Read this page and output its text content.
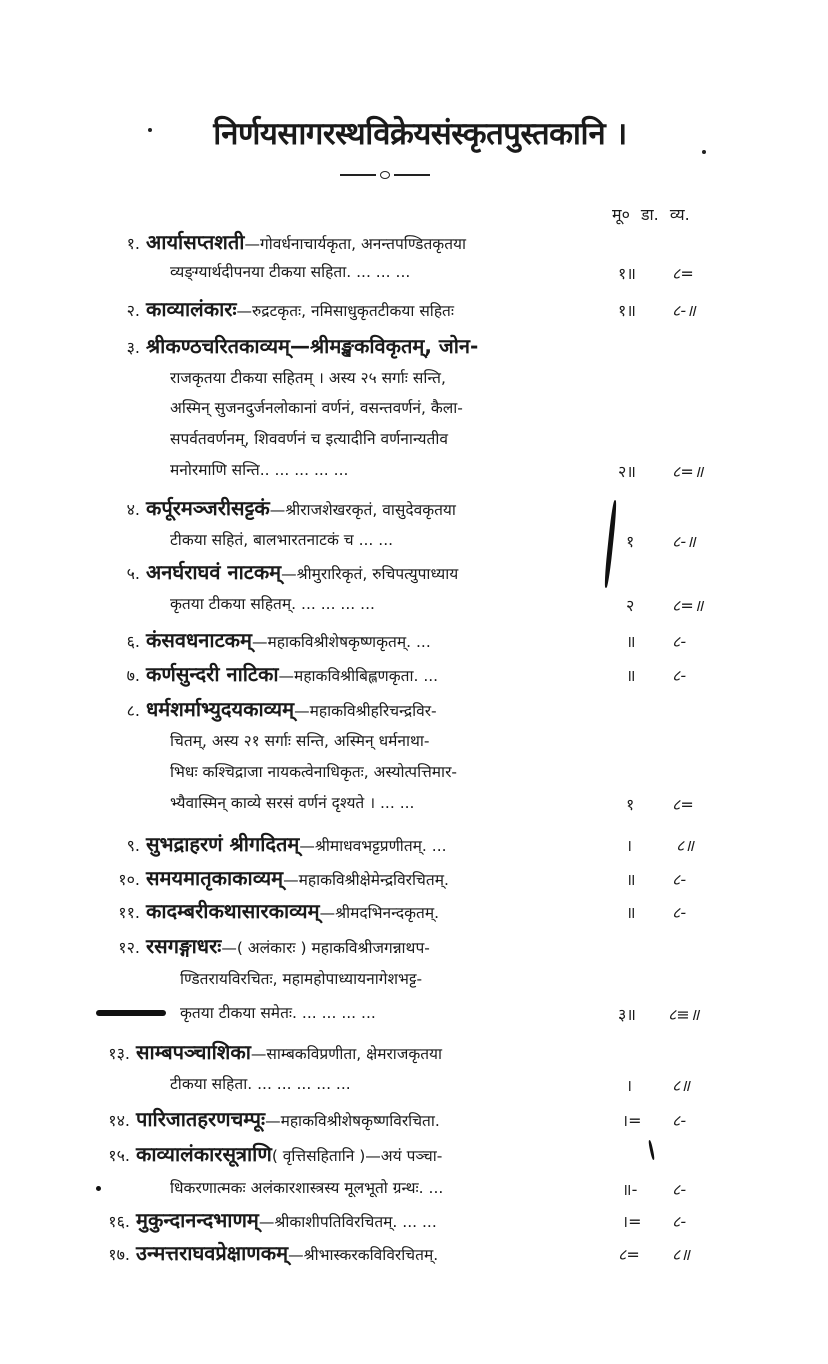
निर्णयसागरस्थविक्रेयसंस्कृतपुस्तकानि ।
मू० डा. व्य.
१. आर्यासप्तशती—गोवर्धनाचार्यकृता, अनन्तपण्डितकृतया
व्यङ्ग्यार्थदीपनया टीकया सहिता. ... ... ...	१॥ ८=
२. काव्यालंकारः—रुद्रटकृतः, नमिसाधुकृतटीकया सहितः	१॥ ८-॥
३. श्रीकण्ठचरितकाव्यम्—श्रीमङ्खकविकृतम्, जोन-
राजकृतया टीकया सहितम् । अस्य २५ सर्गाः सन्ति,
अस्मिन् सुजनदुर्जनलोकानां वर्णनं, वसन्तवर्णनं, कैला-
सपर्वतवर्णनम्, शिववर्णनं च इत्यादीनि वर्णनान्यतीव
मनोरमाणि सन्ति.. ... ... ... ...	२॥ ८=॥
४. कर्पूरमञ्जरीसट्टकं—श्रीराजशेखरकृतं, वासुदेवकृतया
टीकया सहितं, बालभारतनाटकं च ... ...	१ ८-॥
५. अनर्घराघवं नाटकम्—श्रीमुरारिकृतं, रुचिपत्युपाध्याय
कृतया टीकया सहितम्. ... ... ... ...	२ ८=॥
६. कंसवधनाटकम्—महाकविश्रीशेषकृष्णकृतम्. ...	॥ ८-
७. कर्णसुन्दरी नाटिका—महाकविश्रीबिह्लणकृता. ...	॥ ८-
८. धर्मशर्माभ्युदयकाव्यम्—महाकविश्रीहरिचन्द्रविर-
चितम्, अस्य २१ सर्गाः सन्ति, अस्मिन् धर्मनाथा-
भिधः कश्चिद्राजा नायकत्वेनाधिकृतः, अस्योत्पत्तिमार-
भ्यैवास्मिन् काव्ये सरसं वर्णनं दृश्यते । ... ...	१ ८=
९. सुभद्राहरणं श्रीगदितम्—श्रीमाधवभट्टप्रणीतम्. ...	।	८॥
१०. समयमातृकाकाव्यम्—महाकविश्रीक्षेमेन्द्रविरचितम्.	॥ ८-
११. कादम्बरीकथासारकाव्यम्—श्रीमदभिनन्दकृतम्.	॥ ८-
१२. रसगङ्गाधरः—( अलंकारः ) महाकविश्रीजगन्नाथप-
ण्डितरायविरचितः, महामहोपाध्यायनागेशभट्ट-
कृतया टीकया समेतः. ... ... ... ...	३॥ ८≡॥
१३. साम्बपञ्चाशिका—साम्बकविप्रणीता, क्षेमराजकृतया
टीकया सहिता. ... ... ... ... ...	। ८॥
१४. पारिजातहरणचम्पूः—महाकविश्रीशेषकृष्णविरचिता.	।= ८-
१५. काव्यालंकारसूत्राणि( वृत्तिसहितानि )—अयं पञ्चा-
धिकरणात्मकः अलंकारशास्त्रस्य मूलभूतो ग्रन्थः. ...	॥- ८-
१६. मुकुन्दानन्दभाणम्—श्रीकाशीपतिविरचितम्. ... ...	।= ८-
१७. उन्मत्तराघवप्रेक्षाणकम्—श्रीभास्करकविविरचितम्.	८= ८॥
